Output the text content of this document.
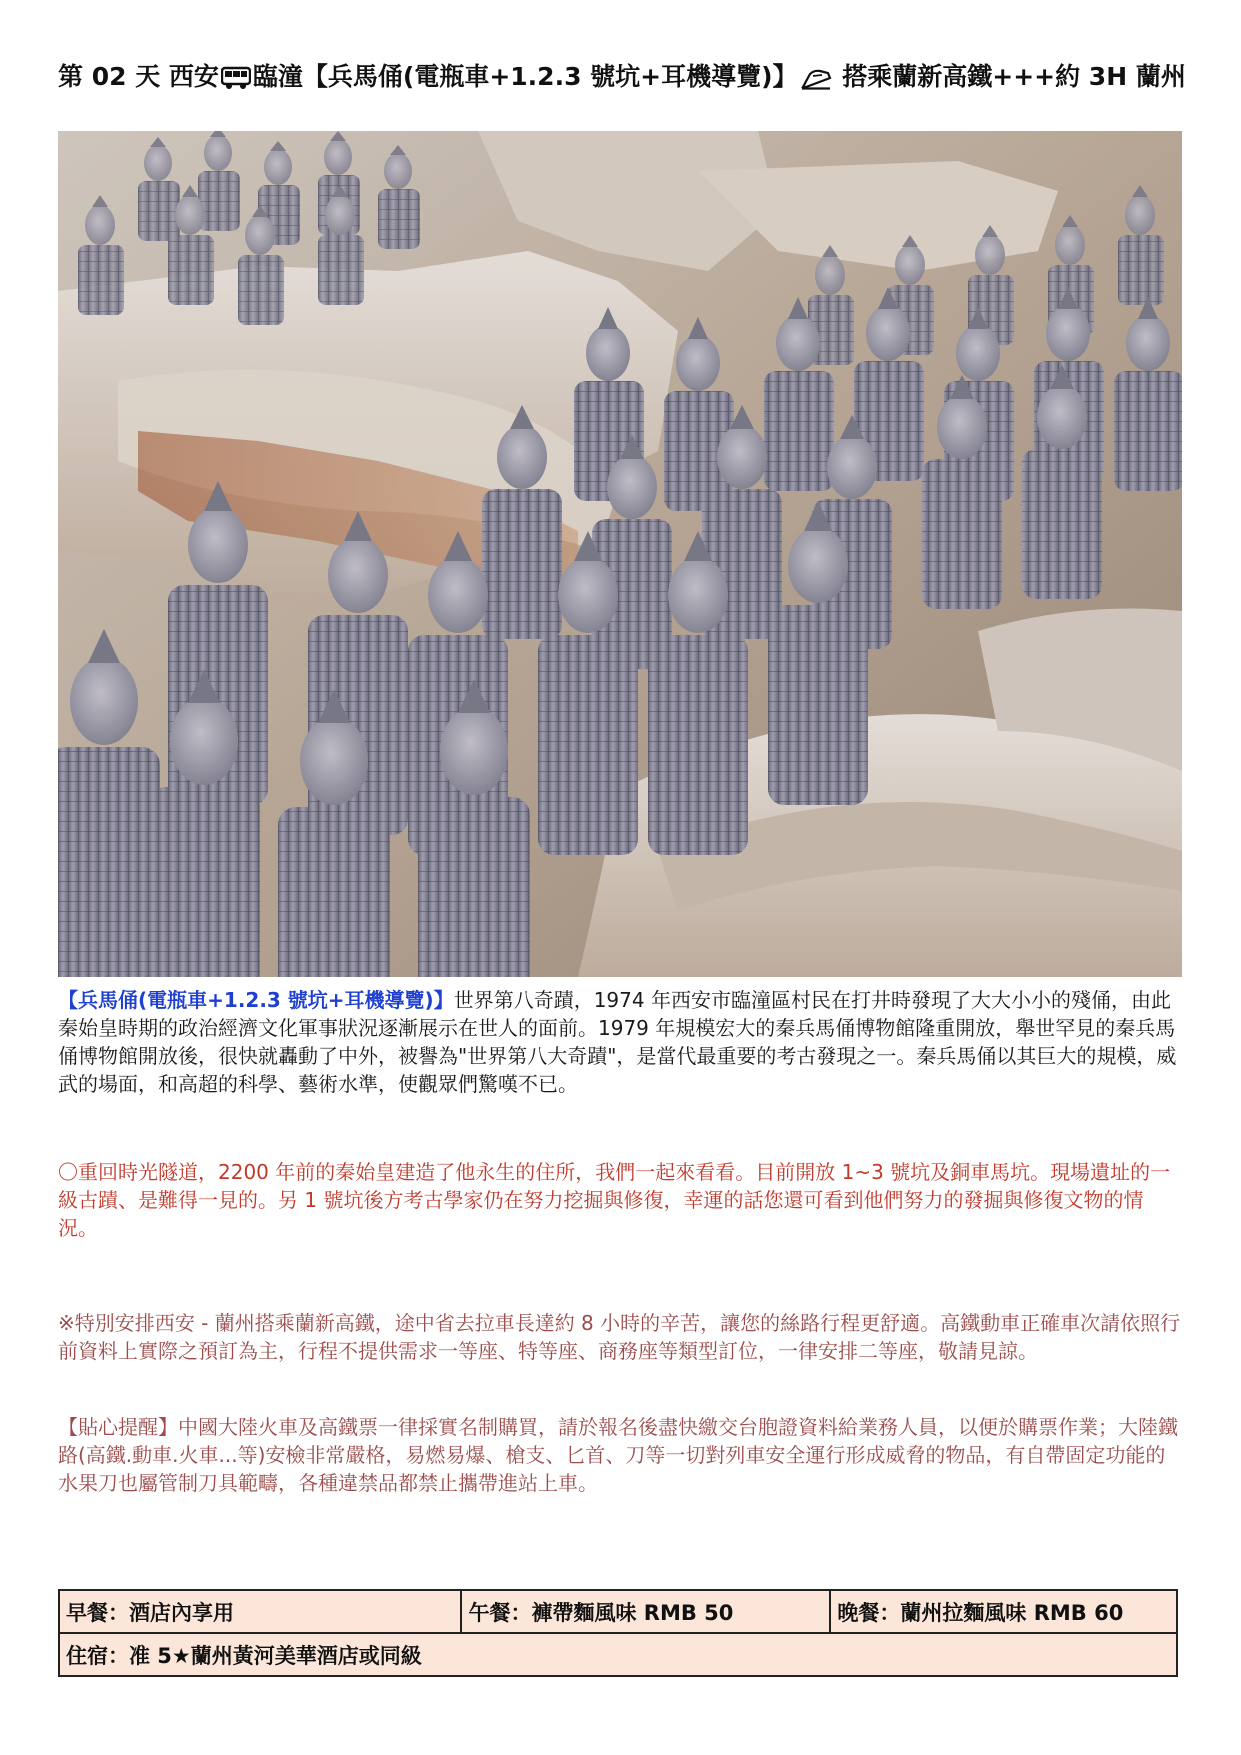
第 02 天 西安 臨潼【兵馬俑(電瓶車+1.2.3 號坑+耳機導覽)】 搭乘蘭新高鐵+++約 3H 蘭州

【兵馬俑(電瓶車+1.2.3 號坑+耳機導覽)】世界第八奇蹟，1974 年西安市臨潼區村民在打井時發現了大大小小的殘俑，由此秦始皇時期的政治經濟文化軍事狀況逐漸展示在世人的面前。1979 年規模宏大的秦兵馬俑博物館隆重開放，舉世罕見的秦兵馬俑博物館開放後，很快就轟動了中外，被譽為"世界第八大奇蹟"，是當代最重要的考古發現之一。秦兵馬俑以其巨大的規模，威武的場面，和高超的科學、藝術水準，使觀眾們驚嘆不已。

〇重回時光隧道，2200 年前的秦始皇建造了他永生的住所，我們一起來看看。目前開放 1~3 號坑及銅車馬坑。現場遺址的一級古蹟、是難得一見的。另 1 號坑後方考古學家仍在努力挖掘與修復，幸運的話您還可看到他們努力的發掘與修復文物的情況。

※特別安排西安 - 蘭州搭乘蘭新高鐵，途中省去拉車長達約 8 小時的辛苦，讓您的絲路行程更舒適。高鐵動車正確車次請依照行前資料上實際之預訂為主，行程不提供需求一等座、特等座、商務座等類型訂位，一律安排二等座，敬請見諒。

【貼心提醒】中國大陸火車及高鐵票一律採實名制購買，請於報名後盡快繳交台胞證資料給業務人員，以便於購票作業；大陸鐵路(高鐵.動車.火車...等)安檢非常嚴格，易燃易爆、槍支、匕首、刀等一切對列車安全運行形成威脅的物品，有自帶固定功能的水果刀也屬管制刀具範疇，各種違禁品都禁止攜帶進站上車。

早餐：酒店內享用	午餐：褲帶麵風味 RMB 50	晚餐：蘭州拉麵風味 RMB 60
住宿：准 5★蘭州黃河美華酒店或同級
